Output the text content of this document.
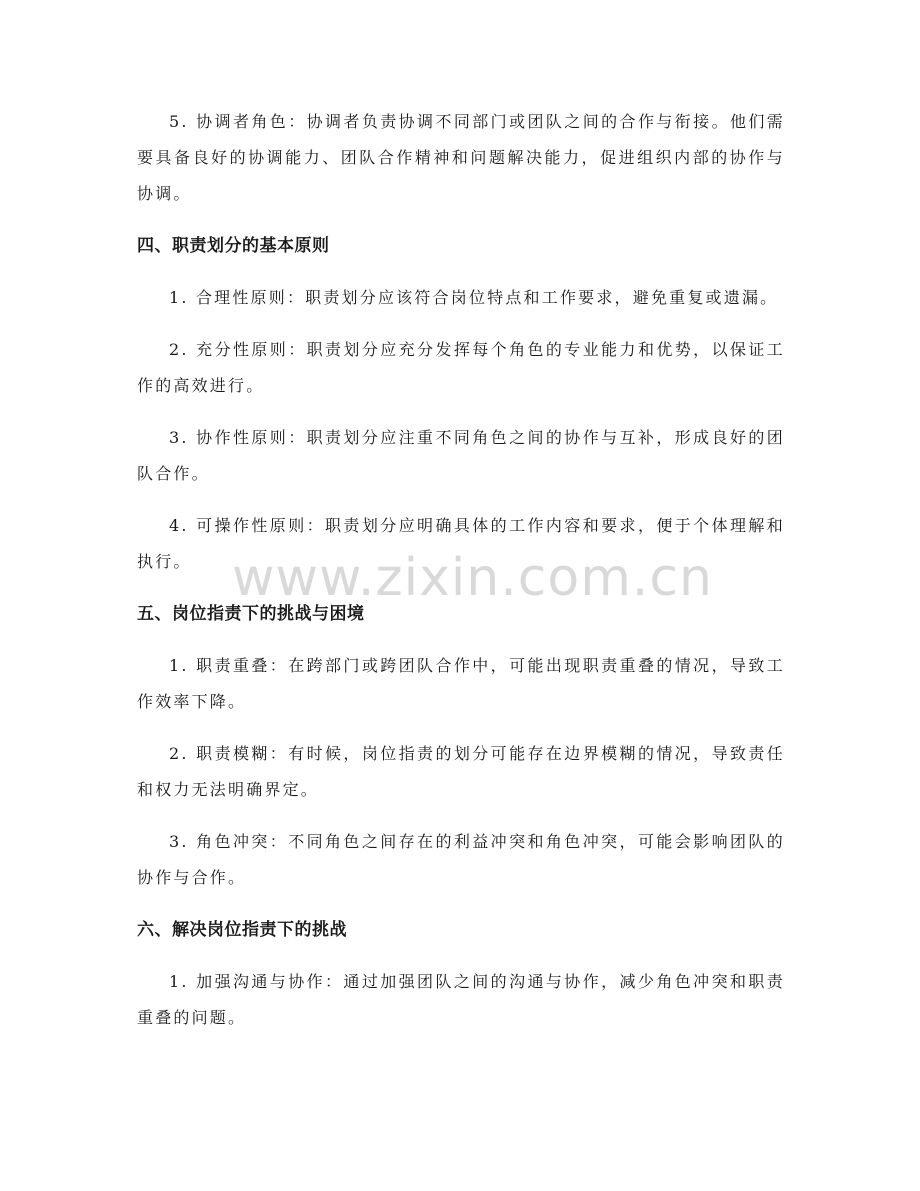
5. 协调者角色：协调者负责协调不同部门或团队之间的合作与衔接。他们需要具备良好的协调能力、团队合作精神和问题解决能力，促进组织内部的协作与协调。

四、职责划分的基本原则

1. 合理性原则：职责划分应该符合岗位特点和工作要求，避免重复或遗漏。

2. 充分性原则：职责划分应充分发挥每个角色的专业能力和优势，以保证工作的高效进行。

3. 协作性原则：职责划分应注重不同角色之间的协作与互补，形成良好的团队合作。

4. 可操作性原则：职责划分应明确具体的工作内容和要求，便于个体理解和执行。

五、岗位指责下的挑战与困境

1. 职责重叠：在跨部门或跨团队合作中，可能出现职责重叠的情况，导致工作效率下降。

2. 职责模糊：有时候，岗位指责的划分可能存在边界模糊的情况，导致责任和权力无法明确界定。

3. 角色冲突：不同角色之间存在的利益冲突和角色冲突，可能会影响团队的协作与合作。

六、解决岗位指责下的挑战

1. 加强沟通与协作：通过加强团队之间的沟通与协作，减少角色冲突和职责重叠的问题。

www.zixin.com.cn
